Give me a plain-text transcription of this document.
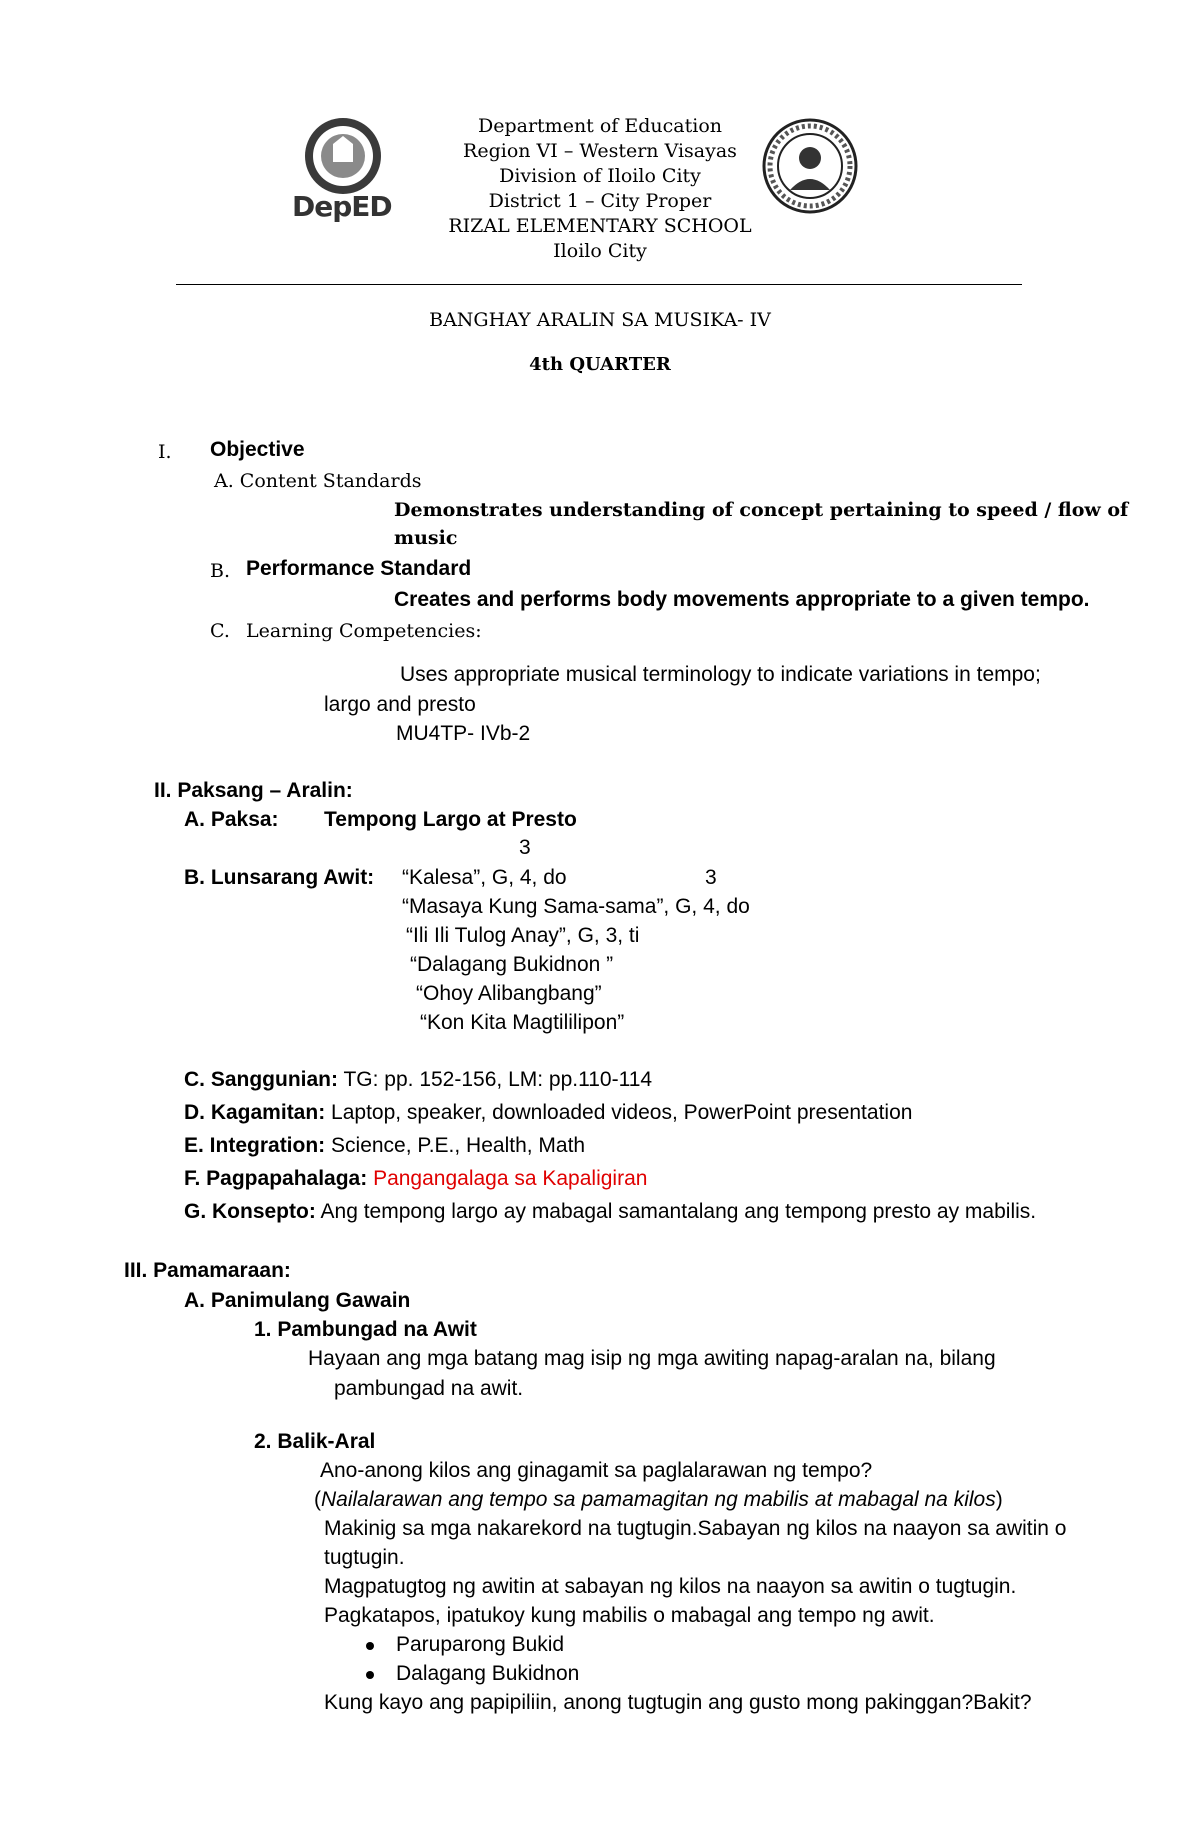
DepED
Department of Education
Region VI – Western Visayas
Division of Iloilo City
District 1 – City Proper
RIZAL ELEMENTARY SCHOOL
Iloilo City
BANGHAY ARALIN SA MUSIKA- IV
4th QUARTER
I. Objective
A. Content Standards
Demonstrates understanding of concept pertaining to speed / flow of
music
B. Performance Standard
Creates and performs body movements appropriate to a given tempo.
C. Learning Competencies:
Uses appropriate musical terminology to indicate variations in tempo;
largo and presto
MU4TP- IVb-2
II. Paksang – Aralin:
A. Paksa: Tempong Largo at Presto
3
B. Lunsarang Awit: “Kalesa”, G, 4, do	3
“Masaya Kung Sama-sama”, G, 4, do
“Ili Ili Tulog Anay”, G, 3, ti
“Dalagang Bukidnon ”
“Ohoy Alibangbang”
“Kon Kita Magtililipon”
C. Sanggunian: TG: pp. 152-156, LM: pp.110-114
D. Kagamitan: Laptop, speaker, downloaded videos, PowerPoint presentation
E. Integration: Science, P.E., Health, Math
F. Pagpapahalaga: Pangangalaga sa Kapaligiran
G. Konsepto: Ang tempong largo ay mabagal samantalang ang tempong presto ay mabilis.
III. Pamamaraan:
A. Panimulang Gawain
1. Pambungad na Awit
Hayaan ang mga batang mag isip ng mga awiting napag-aralan na, bilang
pambungad na awit.
2. Balik-Aral
Ano-anong kilos ang ginagamit sa paglalarawan ng tempo?
(Nailalarawan ang tempo sa pamamagitan ng mabilis at mabagal na kilos)
Makinig sa mga nakarekord na tugtugin.Sabayan ng kilos na naayon sa awitin o
tugtugin.
Magpatugtog ng awitin at sabayan ng kilos na naayon sa awitin o tugtugin.
Pagkatapos, ipatukoy kung mabilis o mabagal ang tempo ng awit.
Paruparong Bukid
Dalagang Bukidnon
Kung kayo ang papipiliin, anong tugtugin ang gusto mong pakinggan?Bakit?
